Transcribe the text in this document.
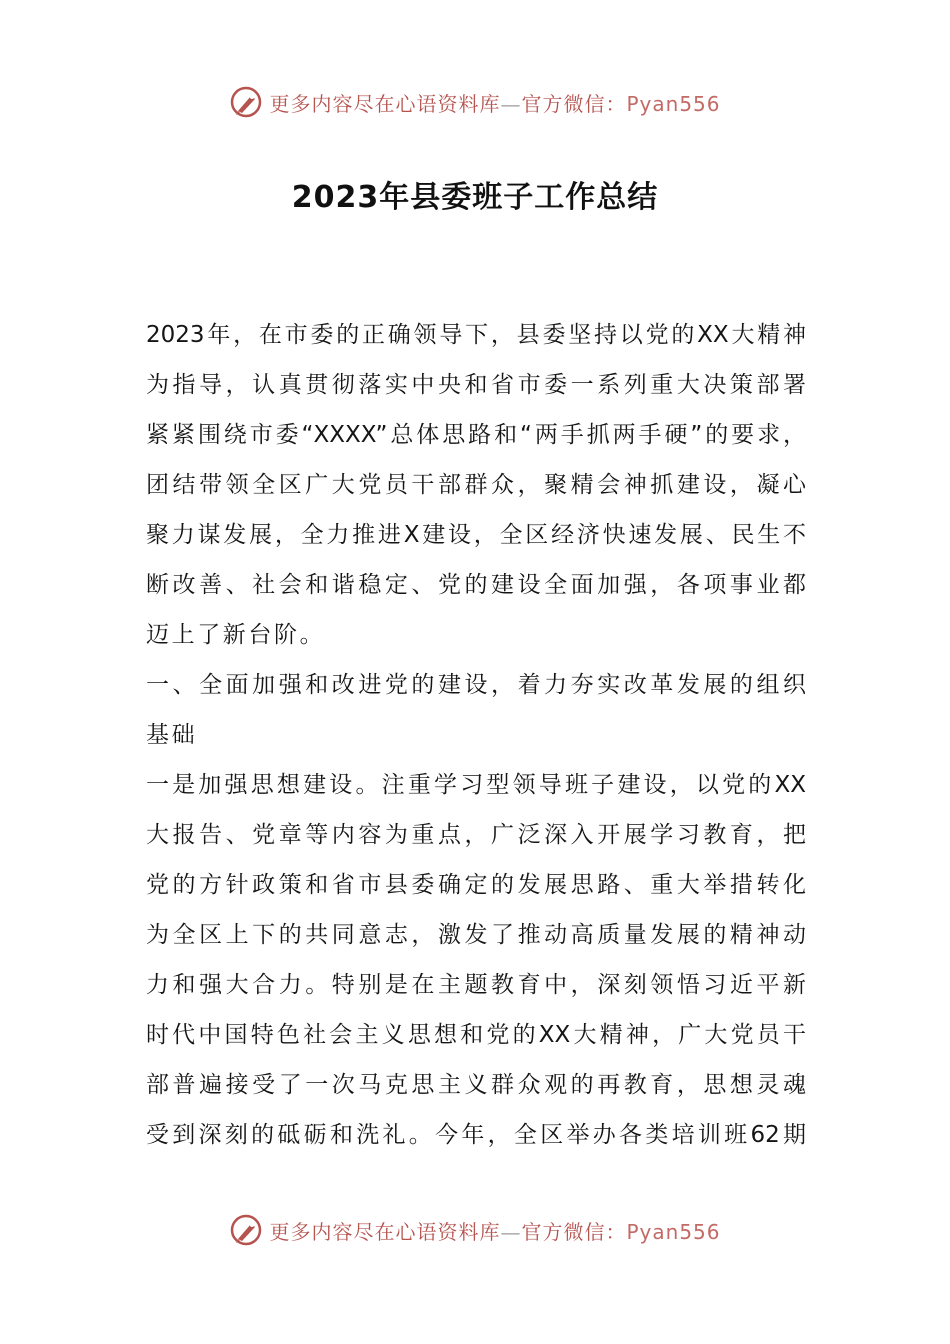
更多内容尽在心语资料库—官方微信：Pyan556
2023年县委班子工作总结
2023年，在市委的正确领导下，县委坚持以党的XX大精神
为指导，认真贯彻落实中央和省市委一系列重大决策部署
紧紧围绕市委“XXXX”总体思路和“两手抓两手硬”的要求，
团结带领全区广大党员干部群众，聚精会神抓建设，凝心
聚力谋发展，全力推进X建设，全区经济快速发展、民生不
断改善、社会和谐稳定、党的建设全面加强，各项事业都
迈上了新台阶。
一、全面加强和改进党的建设，着力夯实改革发展的组织
基础
一是加强思想建设。注重学习型领导班子建设，以党的XX
大报告、党章等内容为重点，广泛深入开展学习教育，把
党的方针政策和省市县委确定的发展思路、重大举措转化
为全区上下的共同意志，激发了推动高质量发展的精神动
力和强大合力。特别是在主题教育中，深刻领悟习近平新
时代中国特色社会主义思想和党的XX大精神，广大党员干
部普遍接受了一次马克思主义群众观的再教育，思想灵魂
受到深刻的砥砺和洗礼。今年，全区举办各类培训班62期
更多内容尽在心语资料库—官方微信：Pyan556
